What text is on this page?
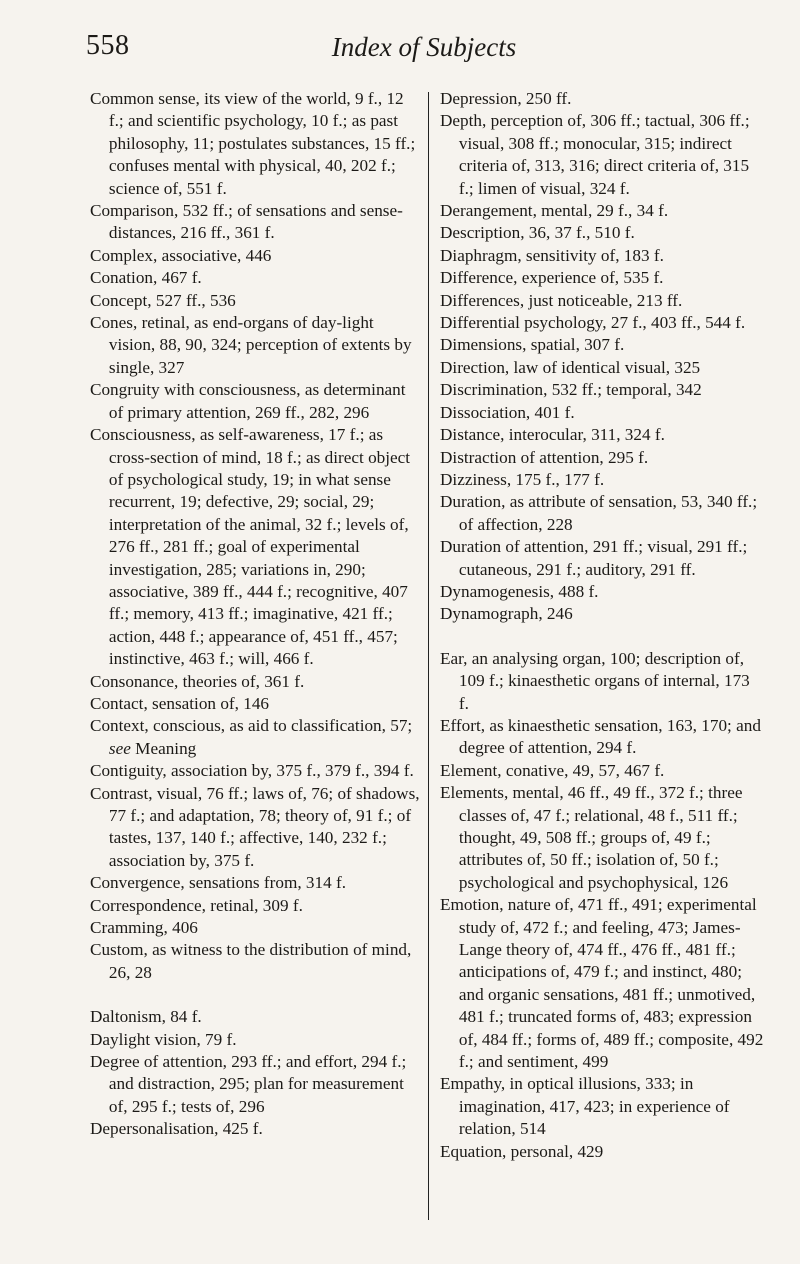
558	Index of Subjects

Common sense, its view of the world, 9 f., 12 f.; and scientific psychology, 10 f.; as past philosophy, 11; postulates substances, 15 ff.; confuses mental with physical, 40, 202 f.; science of, 551 f.

Comparison, 532 ff.; of sensations and sense-distances, 216 ff., 361 f.

Complex, associative, 446

Conation, 467 f.

Concept, 527 ff., 536

Cones, retinal, as end-organs of day-light vision, 88, 90, 324; perception of extents by single, 327

Congruity with consciousness, as determinant of primary attention, 269 ff., 282, 296

Consciousness, as self-awareness, 17 f.; as cross-section of mind, 18 f.; as direct object of psychological study, 19; in what sense recurrent, 19; defective, 29; social, 29; interpretation of the animal, 32 f.; levels of, 276 ff., 281 ff.; goal of experimental investigation, 285; variations in, 290; associative, 389 ff., 444 f.; recognitive, 407 ff.; memory, 413 ff.; imaginative, 421 ff.; action, 448 f.; appearance of, 451 ff., 457; instinctive, 463 f.; will, 466 f.

Consonance, theories of, 361 f.

Contact, sensation of, 146

Context, conscious, as aid to classification, 57; see Meaning

Contiguity, association by, 375 f., 379 f., 394 f.

Contrast, visual, 76 ff.; laws of, 76; of shadows, 77 f.; and adaptation, 78; theory of, 91 f.; of tastes, 137, 140 f.; affective, 140, 232 f.; association by, 375 f.

Convergence, sensations from, 314 f.

Correspondence, retinal, 309 f.

Cramming, 406

Custom, as witness to the distribution of mind, 26, 28

Daltonism, 84 f.

Daylight vision, 79 f.

Degree of attention, 293 ff.; and effort, 294 f.; and distraction, 295; plan for measurement of, 295 f.; tests of, 296

Depersonalisation, 425 f.

Depression, 250 ff.

Depth, perception of, 306 ff.; tactual, 306 ff.; visual, 308 ff.; monocular, 315; indirect criteria of, 313, 316; direct criteria of, 315 f.; limen of visual, 324 f.

Derangement, mental, 29 f., 34 f.

Description, 36, 37 f., 510 f.

Diaphragm, sensitivity of, 183 f.

Difference, experience of, 535 f.

Differences, just noticeable, 213 ff.

Differential psychology, 27 f., 403 ff., 544 f.

Dimensions, spatial, 307 f.

Direction, law of identical visual, 325

Discrimination, 532 ff.; temporal, 342

Dissociation, 401 f.

Distance, interocular, 311, 324 f.

Distraction of attention, 295 f.

Dizziness, 175 f., 177 f.

Duration, as attribute of sensation, 53, 340 ff.; of affection, 228

Duration of attention, 291 ff.; visual, 291 ff.; cutaneous, 291 f.; auditory, 291 ff.

Dynamogenesis, 488 f.

Dynamograph, 246

Ear, an analysing organ, 100; description of, 109 f.; kinaesthetic organs of internal, 173 f.

Effort, as kinaesthetic sensation, 163, 170; and degree of attention, 294 f.

Element, conative, 49, 57, 467 f.

Elements, mental, 46 ff., 49 ff., 372 f.; three classes of, 47 f.; relational, 48 f., 511 ff.; thought, 49, 508 ff.; groups of, 49 f.; attributes of, 50 ff.; isolation of, 50 f.; psychological and psychophysical, 126

Emotion, nature of, 471 ff., 491; experimental study of, 472 f.; and feeling, 473; James-Lange theory of, 474 ff., 476 ff., 481 ff.; anticipations of, 479 f.; and instinct, 480; and organic sensations, 481 ff.; unmotived, 481 f.; truncated forms of, 483; expression of, 484 ff.; forms of, 489 ff.; composite, 492 f.; and sentiment, 499

Empathy, in optical illusions, 333; in imagination, 417, 423; in experience of relation, 514

Equation, personal, 429
